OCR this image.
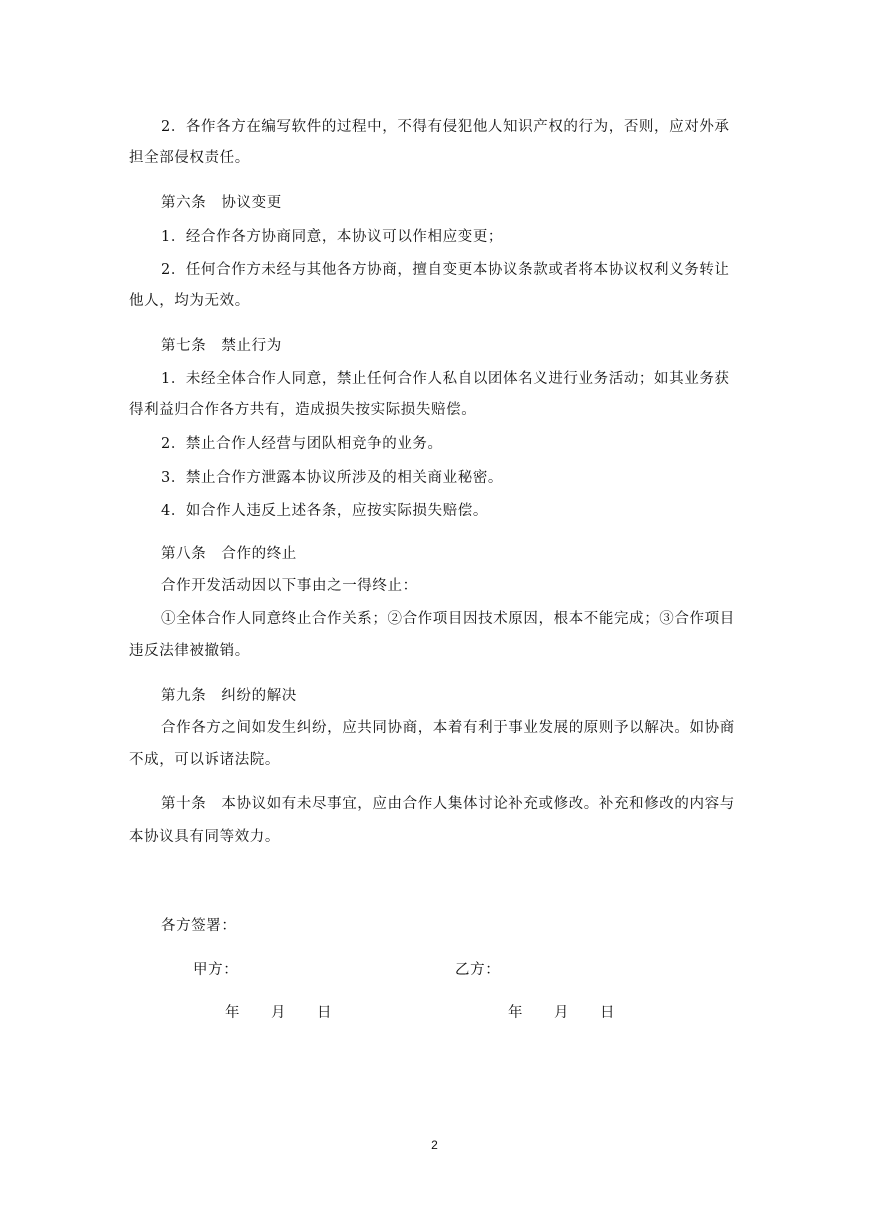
2．各作各方在编写软件的过程中，不得有侵犯他人知识产权的行为，否则，应对外承
担全部侵权责任。
第六条　协议变更
1．经合作各方协商同意，本协议可以作相应变更；
2．任何合作方未经与其他各方协商，擅自变更本协议条款或者将本协议权利义务转让
他人，均为无效。
第七条　禁止行为
1．未经全体合作人同意，禁止任何合作人私自以团体名义进行业务活动；如其业务获
得利益归合作各方共有，造成损失按实际损失赔偿。
2．禁止合作人经营与团队相竞争的业务。
3．禁止合作方泄露本协议所涉及的相关商业秘密。
4．如合作人违反上述各条，应按实际损失赔偿。
第八条　合作的终止
合作开发活动因以下事由之一得终止：
①全体合作人同意终止合作关系；②合作项目因技术原因，根本不能完成；③合作项目
违反法律被撤销。
第九条　纠纷的解决
合作各方之间如发生纠纷，应共同协商，本着有利于事业发展的原则予以解决。如协商
不成，可以诉诸法院。
第十条　本协议如有未尽事宜，应由合作人集体讨论补充或修改。补充和修改的内容与
本协议具有同等效力。
各方签署：
甲方：	乙方：
年 月 日	年 月 日
2
